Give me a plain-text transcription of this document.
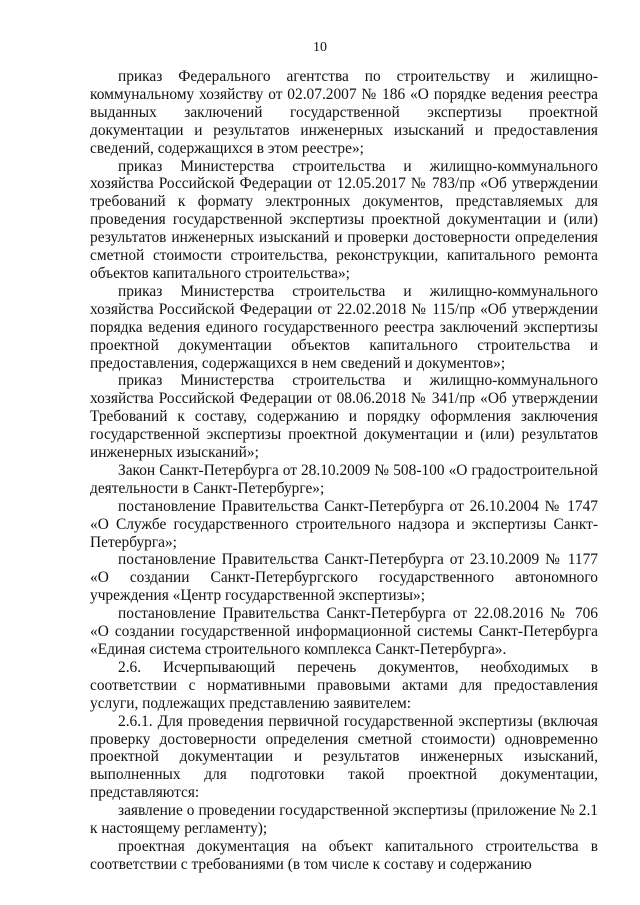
10

приказ Федерального агентства по строительству и жилищно-коммунальному хозяйству от 02.07.2007 № 186 «О порядке ведения реестра выданных заключений государственной экспертизы проектной документации и результатов инженерных изысканий и предоставления сведений, содержащихся в этом реестре»;

приказ Министерства строительства и жилищно-коммунального хозяйства Российской Федерации от 12.05.2017 № 783/пр «Об утверждении требований к формату электронных документов, представляемых для проведения государственной экспертизы проектной документации и (или) результатов инженерных изысканий и проверки достоверности определения сметной стоимости строительства, реконструкции, капитального ремонта объектов капитального строительства»;

приказ Министерства строительства и жилищно-коммунального хозяйства Российской Федерации от 22.02.2018 № 115/пр «Об утверждении порядка ведения единого государственного реестра заключений экспертизы проектной документации объектов капитального строительства и предоставления, содержащихся в нем сведений и документов»;

приказ Министерства строительства и жилищно-коммунального хозяйства Российской Федерации от 08.06.2018 № 341/пр «Об утверждении Требований к составу, содержанию и порядку оформления заключения государственной экспертизы проектной документации и (или) результатов инженерных изысканий»;

Закон Санкт-Петербурга от 28.10.2009 № 508-100 «О градостроительной деятельности в Санкт-Петербурге»;

постановление Правительства Санкт-Петербурга от 26.10.2004 № 1747 «О Службе государственного строительного надзора и экспертизы Санкт-Петербурга»;

постановление Правительства Санкт-Петербурга от 23.10.2009 № 1177 «О создании Санкт-Петербургского государственного автономного учреждения «Центр государственной экспертизы»;

постановление Правительства Санкт-Петербурга от 22.08.2016 № 706 «О создании государственной информационной системы Санкт-Петербурга «Единая система строительного комплекса Санкт-Петербурга».

2.6. Исчерпывающий перечень документов, необходимых в соответствии с нормативными правовыми актами для предоставления услуги, подлежащих представлению заявителем:

2.6.1. Для проведения первичной государственной экспертизы (включая проверку достоверности определения сметной стоимости) одновременно проектной документации и результатов инженерных изысканий, выполненных для подготовки такой проектной документации, представляются:

заявление о проведении государственной экспертизы (приложение № 2.1 к настоящему регламенту);

проектная документация на объект капитального строительства в соответствии с требованиями (в том числе к составу и содержанию
